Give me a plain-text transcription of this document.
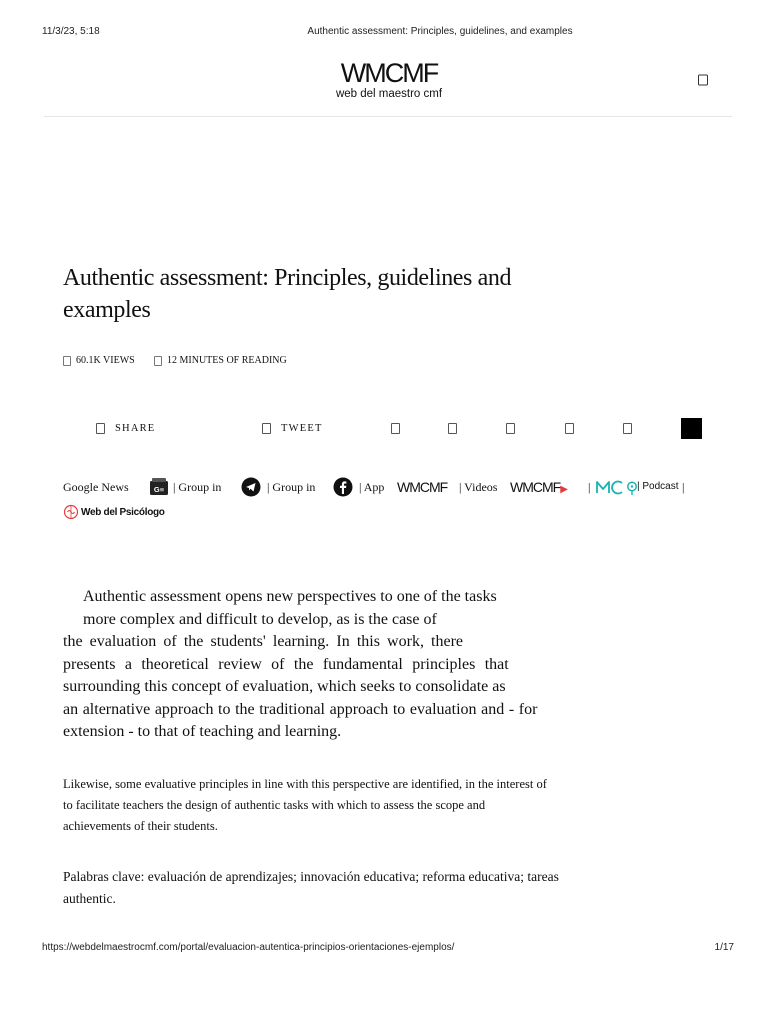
11/3/23, 5:18	Authentic assessment: Principles, guidelines, and examples
WMCMF
web del maestro cmf
Authentic assessment: Principles, guidelines and
examples
60.1K VIEWS	12 MINUTES OF READING
SHARE	TWEET
Google News	G≡ | Group in	| Group in	| App WMCMF | Videos WMCMF▶ |	| Podcast |
Web del Psicólogo
Authentic assessment opens new perspectives to one of the tasks
more complex and difficult to develop, as is the case of
the evaluation of the students' learning. In this work, there
presents a theoretical review of the fundamental principles that
surrounding this concept of evaluation, which seeks to consolidate as
an alternative approach to the traditional approach to evaluation and - for
extension - to that of teaching and learning.
Likewise, some evaluative principles in line with this perspective are identified, in the interest of
to facilitate teachers the design of authentic tasks with which to assess the scope and
achievements of their students.
Palabras clave: evaluación de aprendizajes; innovación educativa; reforma educativa; tareas
authentic.
https://webdelmaestrocmf.com/portal/evaluacion-autentica-principios-orientaciones-ejemplos/	1/17
